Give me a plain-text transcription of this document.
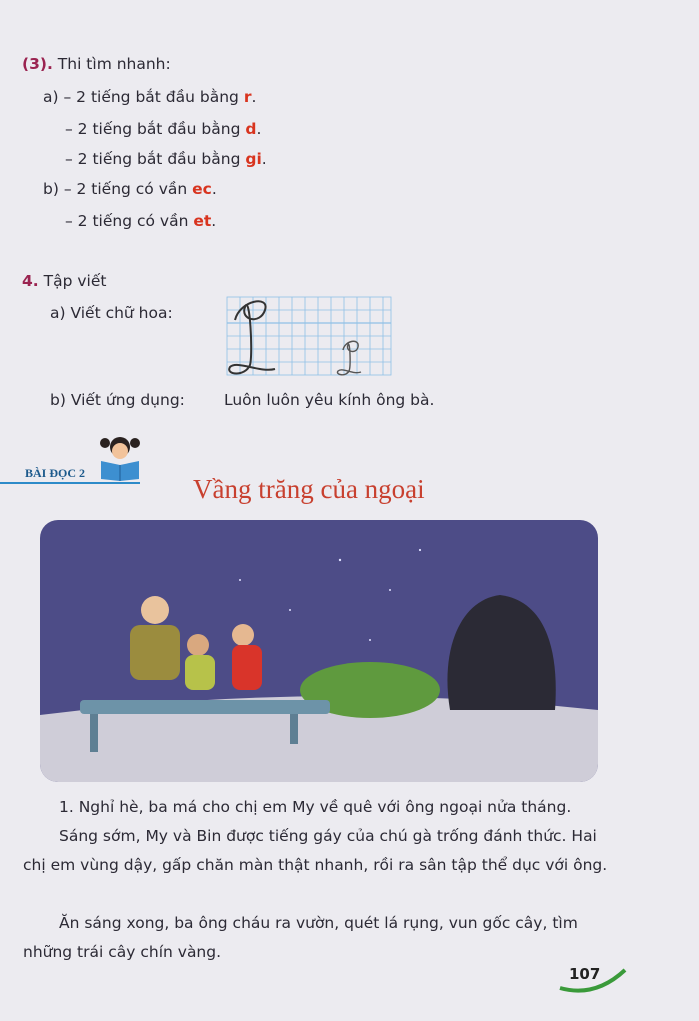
(3). Thi tìm nhanh:
a) – 2 tiếng bắt đầu bằng r.
– 2 tiếng bắt đầu bằng d.
– 2 tiếng bắt đầu bằng gi.
b) – 2 tiếng có vần ec.
– 2 tiếng có vần et.
4. Tập viết
a) Viết chữ hoa:
b) Viết ứng dụng:	Luôn luôn yêu kính ông bà.
BÀI ĐỌC 2
Vầng trăng của ngoại
1. Nghỉ hè, ba má cho chị em My về quê với ông ngoại nửa tháng.
Sáng sớm, My và Bin được tiếng gáy của chú gà trống đánh thức. Hai chị em vùng dậy, gấp chăn màn thật nhanh, rồi ra sân tập thể dục với ông.
Ăn sáng xong, ba ông cháu ra vườn, quét lá rụng, vun gốc cây, tìm những trái cây chín vàng.
107
